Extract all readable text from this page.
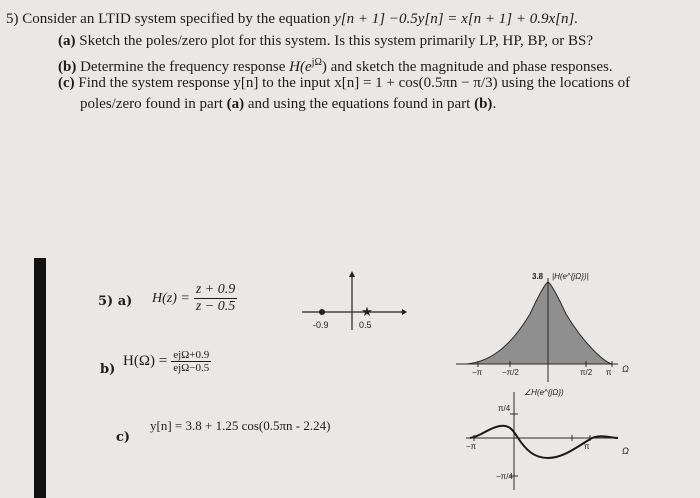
5) Consider an LTID system specified by the equation y[n + 1] −0.5y[n] = x[n + 1] + 0.9x[n].
(a) Sketch the poles/zero plot for this system. Is this system primarily LP, HP, BP, or BS?
(b) Determine the frequency response $H(e^{j\Omega})$ and sketch the magnitude and phase responses.
(c) Find the system response y[n] to the input x[n] = 1 + cos(0.5πn − π/3) using the locations of
poles/zero found in part (a) and using the equations found in part (b).
5) a) $H(z) = \frac{z + 0.9}{z - 0.5}$	★
-0.9	0.5
b)
$H(\Omega) = \frac{\text{ejΩ+0.9}}{\text{ejΩ−0.5}}$
c)
y[n] = 3.8 + 1.25 cos(0.5πn - 2.24)
3.8 |H(e^{jΩ})|
−π −π/2	π/2 π Ω
∠H(e^{jΩ})
π/4
−π/4
−π	π	Ω
